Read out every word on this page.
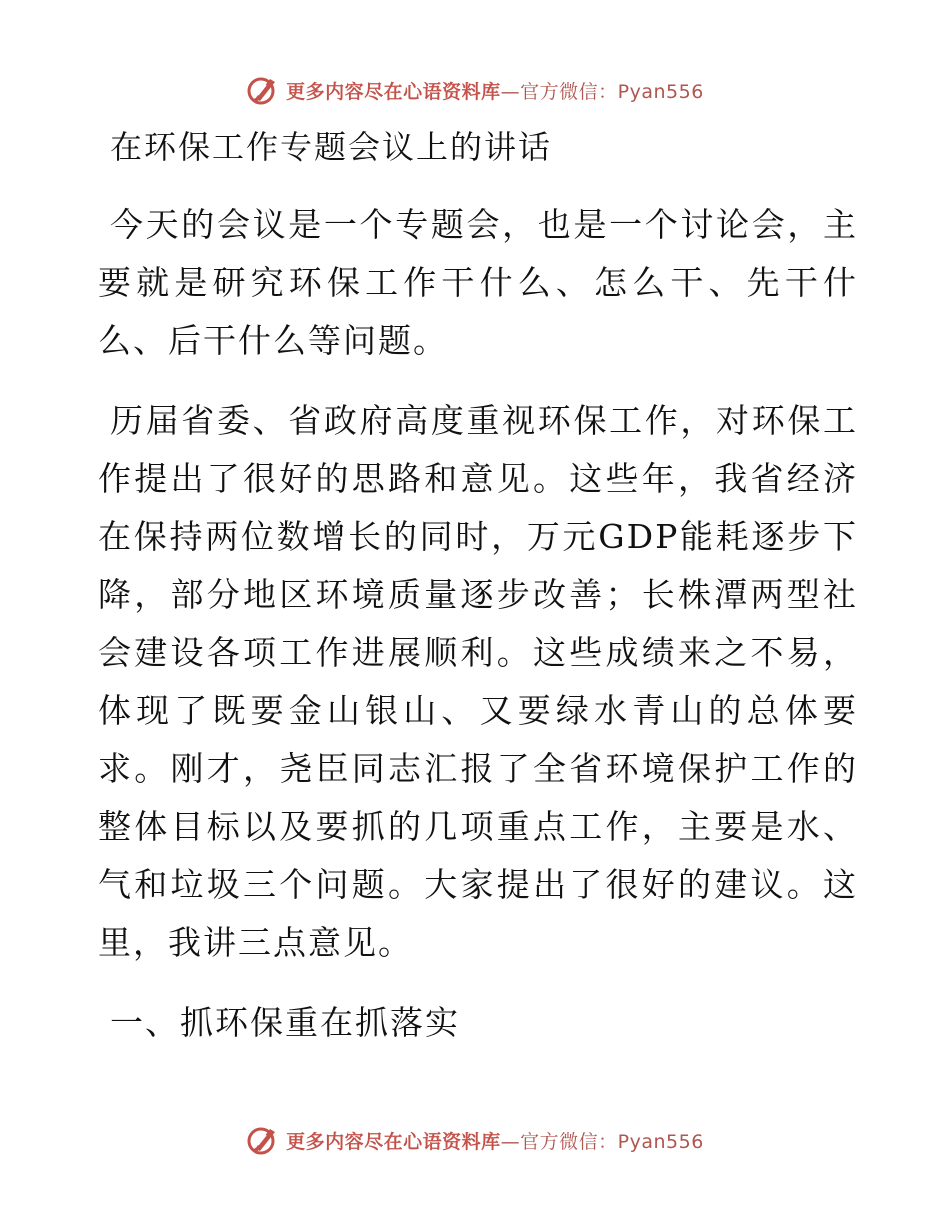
更多内容尽在心语资料库—官方微信：Pyan556
在环保工作专题会议上的讲话

今天的会议是一个专题会，也是一个讨论会，主要就是研究环保工作干什么、怎么干、先干什么、后干什么等问题。

历届省委、省政府高度重视环保工作，对环保工作提出了很好的思路和意见。这些年，我省经济在保持两位数增长的同时，万元GDP能耗逐步下降，部分地区环境质量逐步改善；长株潭两型社会建设各项工作进展顺利。这些成绩来之不易，体现了既要金山银山、又要绿水青山的总体要求。刚才，尧臣同志汇报了全省环境保护工作的整体目标以及要抓的几项重点工作，主要是水、气和垃圾三个问题。大家提出了很好的建议。这里，我讲三点意见。

一、抓环保重在抓落实
更多内容尽在心语资料库—官方微信：Pyan556
